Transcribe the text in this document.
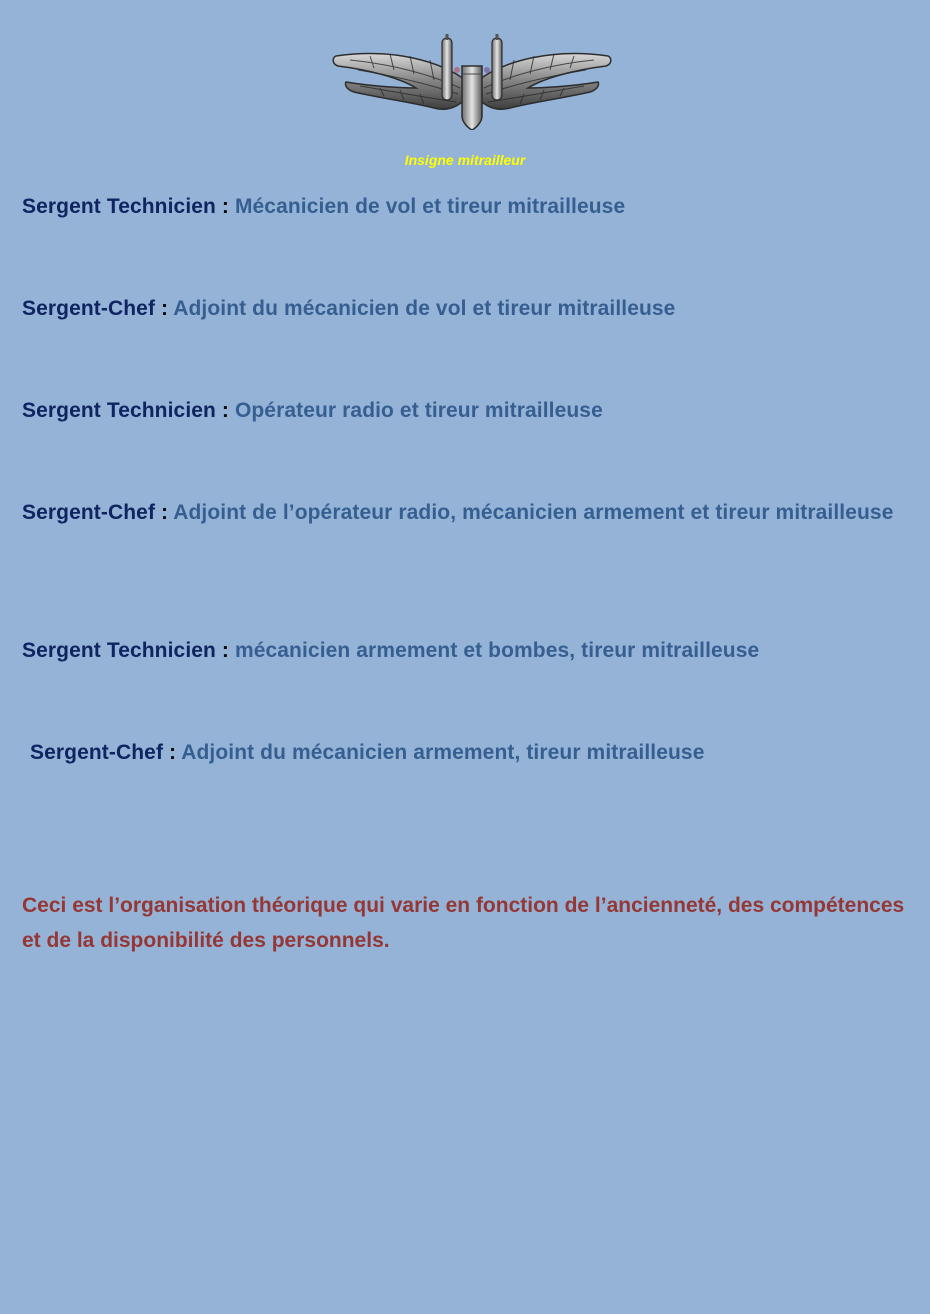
Insigne mitrailleur
Sergent Technicien : Mécanicien de vol et tireur mitrailleuse
Sergent-Chef : Adjoint du mécanicien de vol et tireur mitrailleuse
Sergent Technicien : Opérateur radio et tireur mitrailleuse
Sergent-Chef : Adjoint de l’opérateur radio, mécanicien armement et tireur mitrailleuse
Sergent Technicien : mécanicien armement et bombes, tireur mitrailleuse
Sergent-Chef : Adjoint du mécanicien armement, tireur mitrailleuse
Ceci est l’organisation théorique qui varie en fonction de l’ancienneté, des compétences et de la disponibilité des personnels.
